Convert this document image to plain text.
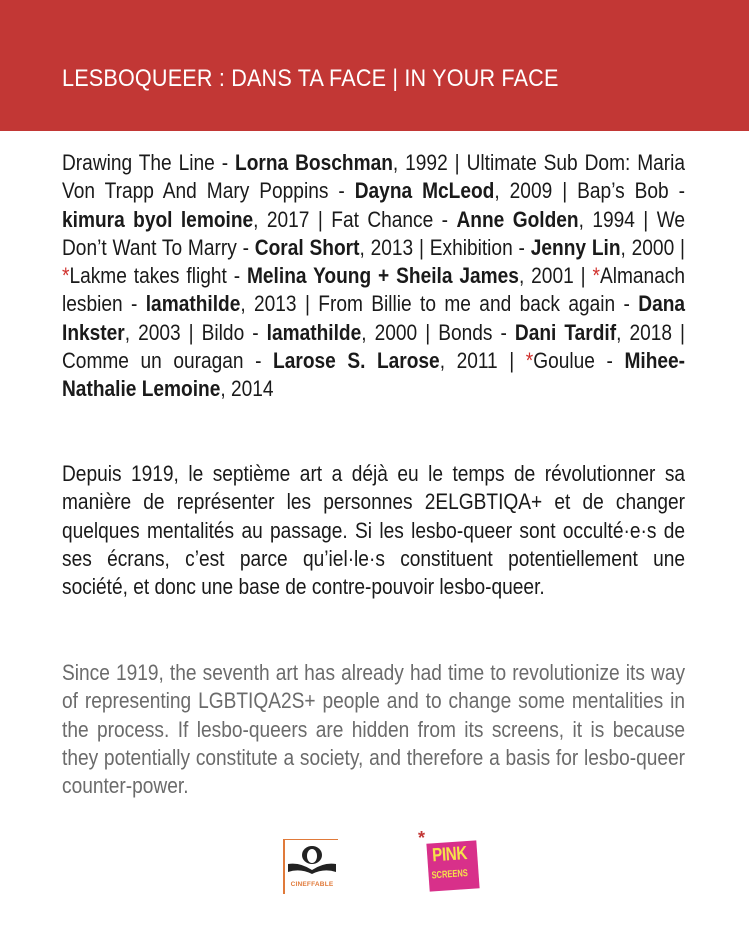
LESBOQUEER : DANS TA FACE | IN YOUR FACE
Drawing The Line - Lorna Boschman, 1992 | Ultimate Sub Dom: Maria Von Trapp And Mary Poppins - Dayna McLeod, 2009 | Bap’s Bob - kimura byol lemoine, 2017 | Fat Chance - Anne Golden, 1994 | We Don’t Want To Marry - Coral Short, 2013 | Exhibition - Jenny Lin, 2000 | *Lakme takes flight - Melina Young + Sheila James, 2001 | *Almanach lesbien - lamathilde, 2013 | From Billie to me and back again - Dana Inkster, 2003 | Bildo - lamathilde, 2000 | Bonds - Dani Tardif, 2018 | Comme un ouragan - Larose S. Larose, 2011 | *Goulue - Mihee-Nathalie Lemoine, 2014
Depuis 1919, le septième art a déjà eu le temps de révolutionner sa manière de représenter les personnes 2ELGBTIQA+ et de changer quelques mentalités au passage. Si les lesbo-queer sont occulté·e·s de ses écrans, c’est parce qu’iel·le·s constituent potentiellement une société, et donc une base de contre-pouvoir lesbo-queer.
Since 1919, the seventh art has already had time to revolutionize its way of representing LGBTIQA2S+ people and to change some mentalities in the process. If lesbo-queers are hidden from its screens, it is because they potentially constitute a society, and therefore a basis for lesbo-queer counter-power.
CINEFFABLE
*
PINK
SCREENS
